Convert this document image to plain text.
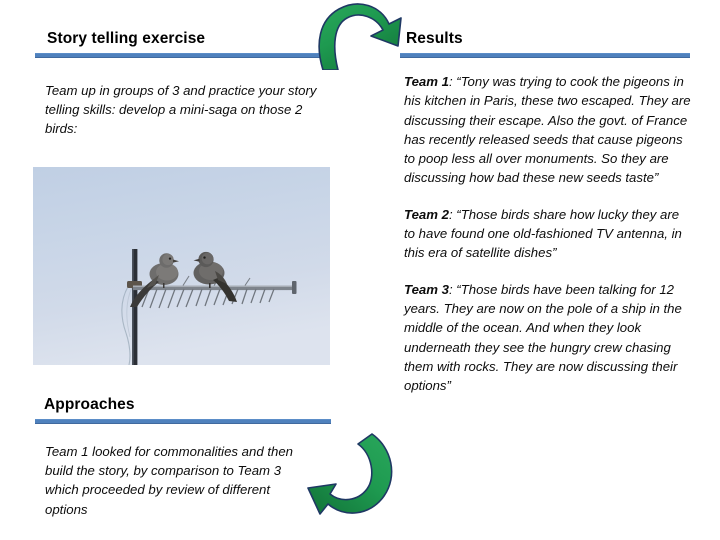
Story telling exercise
Team up in groups of 3 and practice your story telling skills: develop a mini-saga on those 2 birds:
Approaches
Team 1 looked for commonalities and then build the story, by comparison to Team 3 which proceeded by review of different options
Results

Team 1: “Tony was trying to cook the pigeons in his kitchen in Paris, these two escaped. They are discussing their escape. Also the govt. of France has recently released seeds that cause pigeons to poop less all over monuments. So they are discussing how bad these new seeds taste”

Team 2: “Those birds share how lucky they are to have found one old-fashioned TV antenna, in this era of satellite dishes”

Team 3: “Those birds have been talking for 12 years. They are now on the pole of a ship in the middle of the ocean. And when they look underneath they see the hungry crew chasing them with rocks. They are now discussing their options”
